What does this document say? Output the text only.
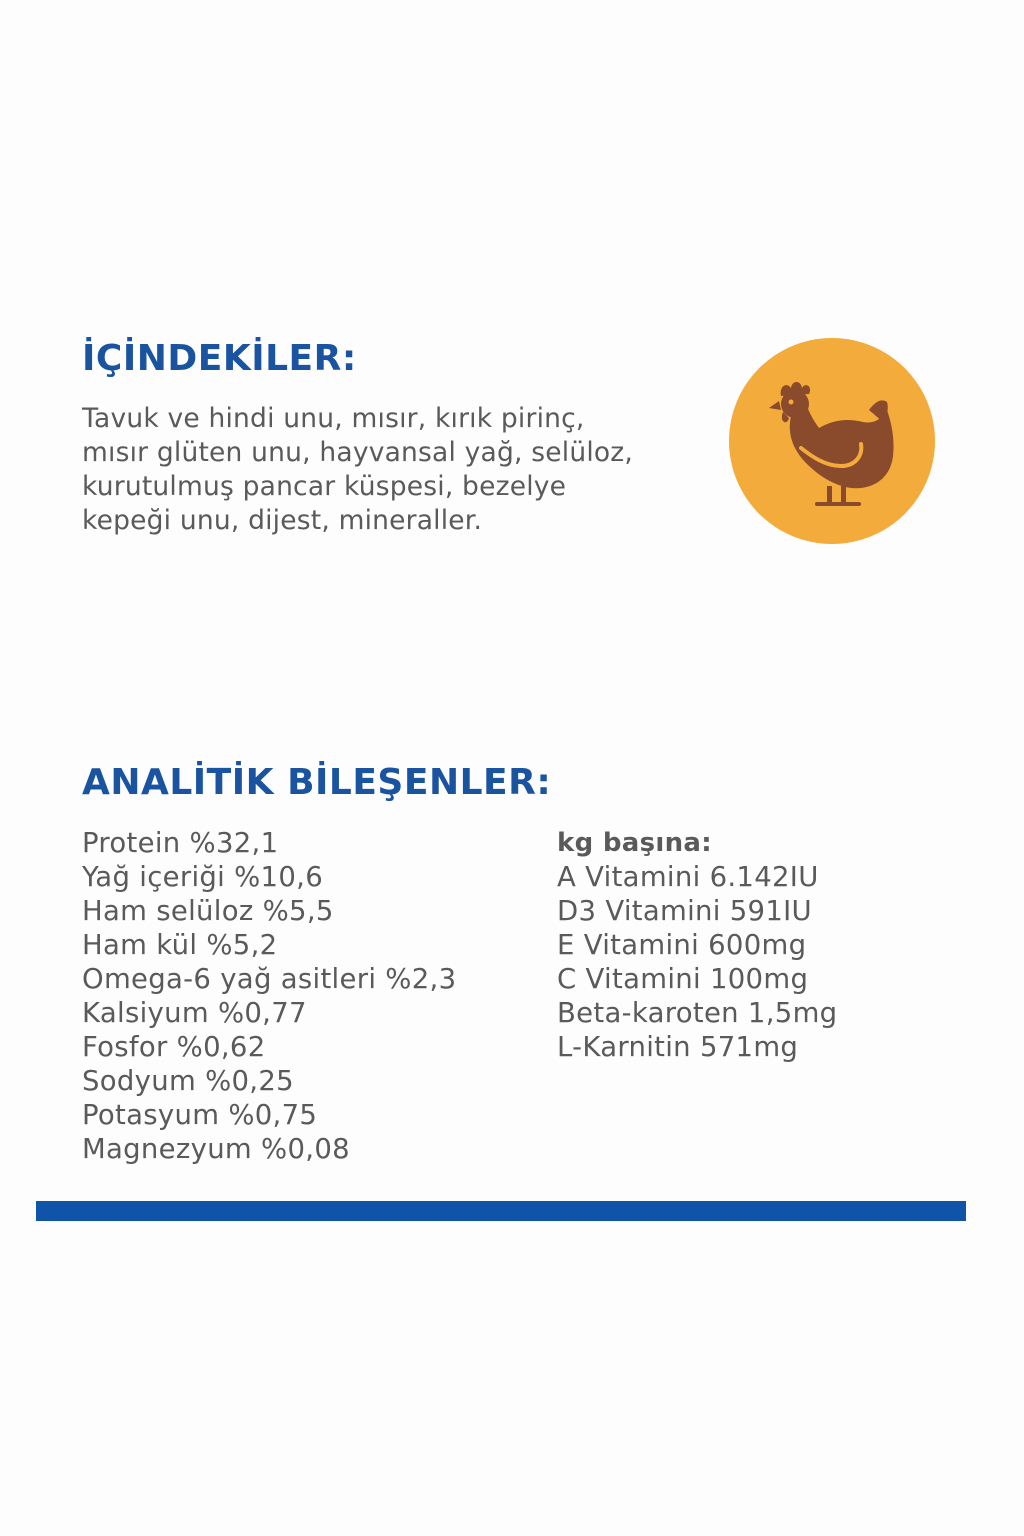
İÇİNDEKİLER:

Tavuk ve hindi unu, mısır, kırık pirinç,
mısır glüten unu, hayvansal yağ, selüloz,
kurutulmuş pancar küspesi, bezelye
kepeği unu, dijest, mineraller.

ANALİTİK BİLEŞENLER:
Protein %32,1
Yağ içeriği %10,6
Ham selüloz %5,5
Ham kül %5,2
Omega-6 yağ asitleri %2,3
Kalsiyum %0,77
Fosfor %0,62
Sodyum %0,25
Potasyum %0,75
Magnezyum %0,08
kg başına:
A Vitamini 6.142IU
D3 Vitamini 591IU
E Vitamini 600mg
C Vitamini 100mg
Beta-karoten 1,5mg
L-Karnitin 571mg
